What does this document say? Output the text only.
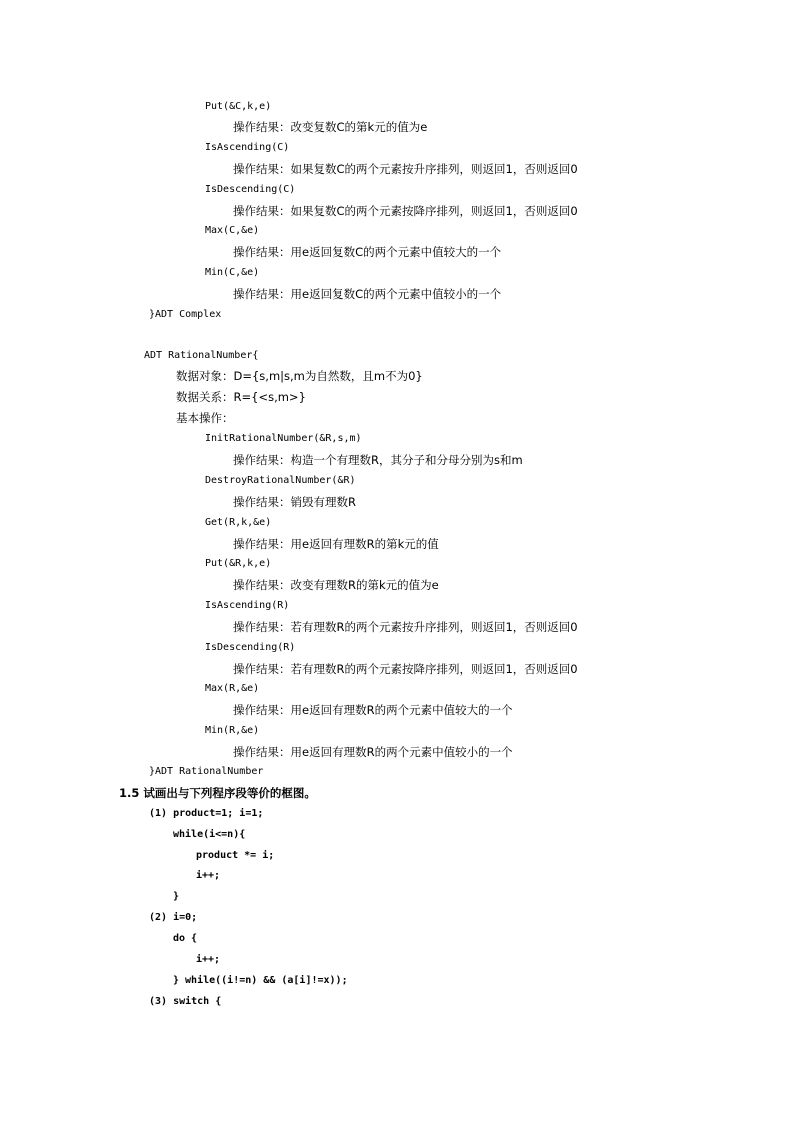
Put(&C,k,e)
操作结果：改变复数C的第k元的值为e
IsAscending(C)
操作结果：如果复数C的两个元素按升序排列，则返回1，否则返回0
IsDescending(C)
操作结果：如果复数C的两个元素按降序排列，则返回1，否则返回0
Max(C,&e)
操作结果：用e返回复数C的两个元素中值较大的一个
Min(C,&e)
操作结果：用e返回复数C的两个元素中值较小的一个
}ADT Complex
ADT RationalNumber{
数据对象：D={s,m|s,m为自然数，且m不为0}
数据关系：R={<s,m>}
基本操作：
InitRationalNumber(&R,s,m)
操作结果：构造一个有理数R，其分子和分母分别为s和m
DestroyRationalNumber(&R)
操作结果：销毁有理数R
Get(R,k,&e)
操作结果：用e返回有理数R的第k元的值
Put(&R,k,e)
操作结果：改变有理数R的第k元的值为e
IsAscending(R)
操作结果：若有理数R的两个元素按升序排列，则返回1，否则返回0
IsDescending(R)
操作结果：若有理数R的两个元素按降序排列，则返回1，否则返回0
Max(R,&e)
操作结果：用e返回有理数R的两个元素中值较大的一个
Min(R,&e)
操作结果：用e返回有理数R的两个元素中值较小的一个
}ADT RationalNumber
1.5 试画出与下列程序段等价的框图。
(1) product=1; i=1;
while(i<=n){
product *= i;
i++;
}
(2) i=0;
do {
i++;
} while((i!=n) && (a[i]!=x));
(3) switch {
